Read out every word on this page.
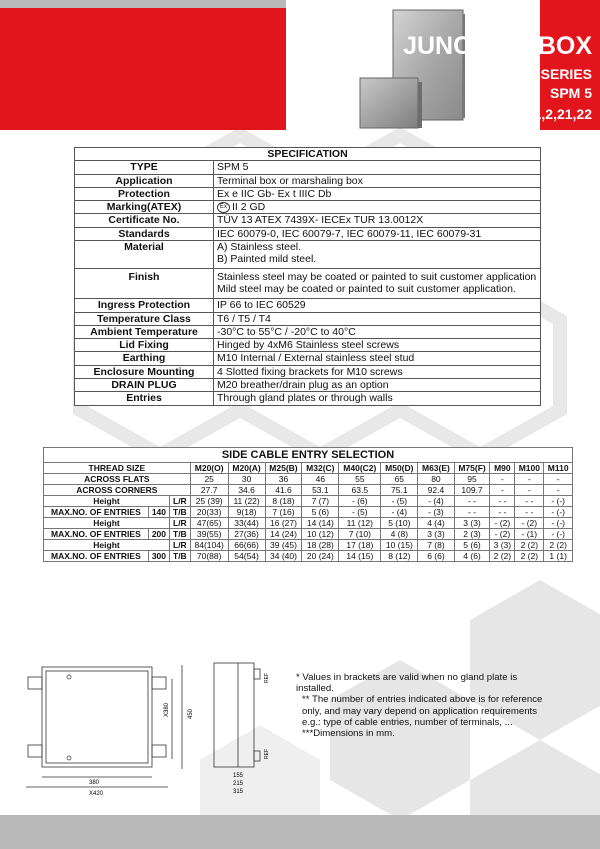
JUNCTION BOX
Supreme SERIES
SPM 5
Zone 1,2,21,22
SPECIFICATION	
TYPE	SPM 5
Application	Terminal box or marshaling box
Protection	Ex e IIC Gb- Ex t IIIC Db
Marking(ATEX)	Ex II 2 GD
Certificate No.	TÜV 13 ATEX 7439X- IECEx TUR 13.0012X
Standards	IEC 60079-0, IEC 60079-7, IEC 60079-11, IEC 60079-31
Material	A) Stainless steel.
B) Painted mild steel.
Finish	Stainless steel may be coated or painted to suit customer application
Mild steel may be coated or painted to suit customer application.
Ingress Protection	IP 66 to IEC 60529
Temperature Class	T6 / T5 / T4
Ambient Temperature	-30°C to 55°C / -20°C to 40°C
Lid Fixing	Hinged by 4xM6 Stainless steel screws
Earthing	M10 Internal / External stainless steel stud
Enclosure Mounting	4 Slotted fixing brackets for M10 screws
DRAIN PLUG	M20 breather/drain plug as an option
Entries	Through gland plates or through walls
SIDE CABLE ENTRY SELECTION													
THREAD SIZE			M20(O)	M20(A)	M25(B)	M32(C)	M40(C2)	M50(D)	M63(E)	M75(F)	M90	M100	M110
ACROSS FLATS			25	30	36	46	55	65	80	95	-	-	-
ACROSS CORNERS			27.7	34.6	41.6	53.1	63.5	75.1	92.4	109.7	-	-	-
Height		L/R	25 (39)	11 (22)	8 (18)	7 (7)	- (6)	- (5)	- (4)	- -	- -	- -	- (-)
MAX.NO. OF ENTRIES	140	T/B	20(33)	9(18)	7 (16)	5 (6)	- (5)	- (4)	- (3)	- -	- -	- -	- (-)
Height		L/R	47(65)	33(44)	16 (27)	14 (14)	11 (12)	5 (10)	4 (4)	3 (3)	- (2)	- (2)	- (-)
MAX.NO. OF ENTRIES	200	T/B	39(55)	27(36)	14 (24)	10 (12)	7 (10)	4 (8)	3 (3)	2 (3)	- (2)	- (1)	- (-)
Height		L/R	84(104)	66(66)	39 (45)	18 (28)	17 (18)	10 (15)	7 (8)	5 (6)	3 (3)	2 (2)	2 (2)
MAX.NO. OF ENTRIES	300	T/B	70(88)	54(54)	34 (40)	20 (24)	14 (15)	8 (12)	6 (6)	4 (6)	2 (2)	2 (2)	1 (1)
380
X420
X380	450
REF
REF
155
215
315

* Values in brackets are valid when no gland plate is installed.

** The number of entries indicated above is for reference only, and may vary depend on application requirements e.g.: type of cable entries, number of terminals, ...

***Dimensions in mm.
